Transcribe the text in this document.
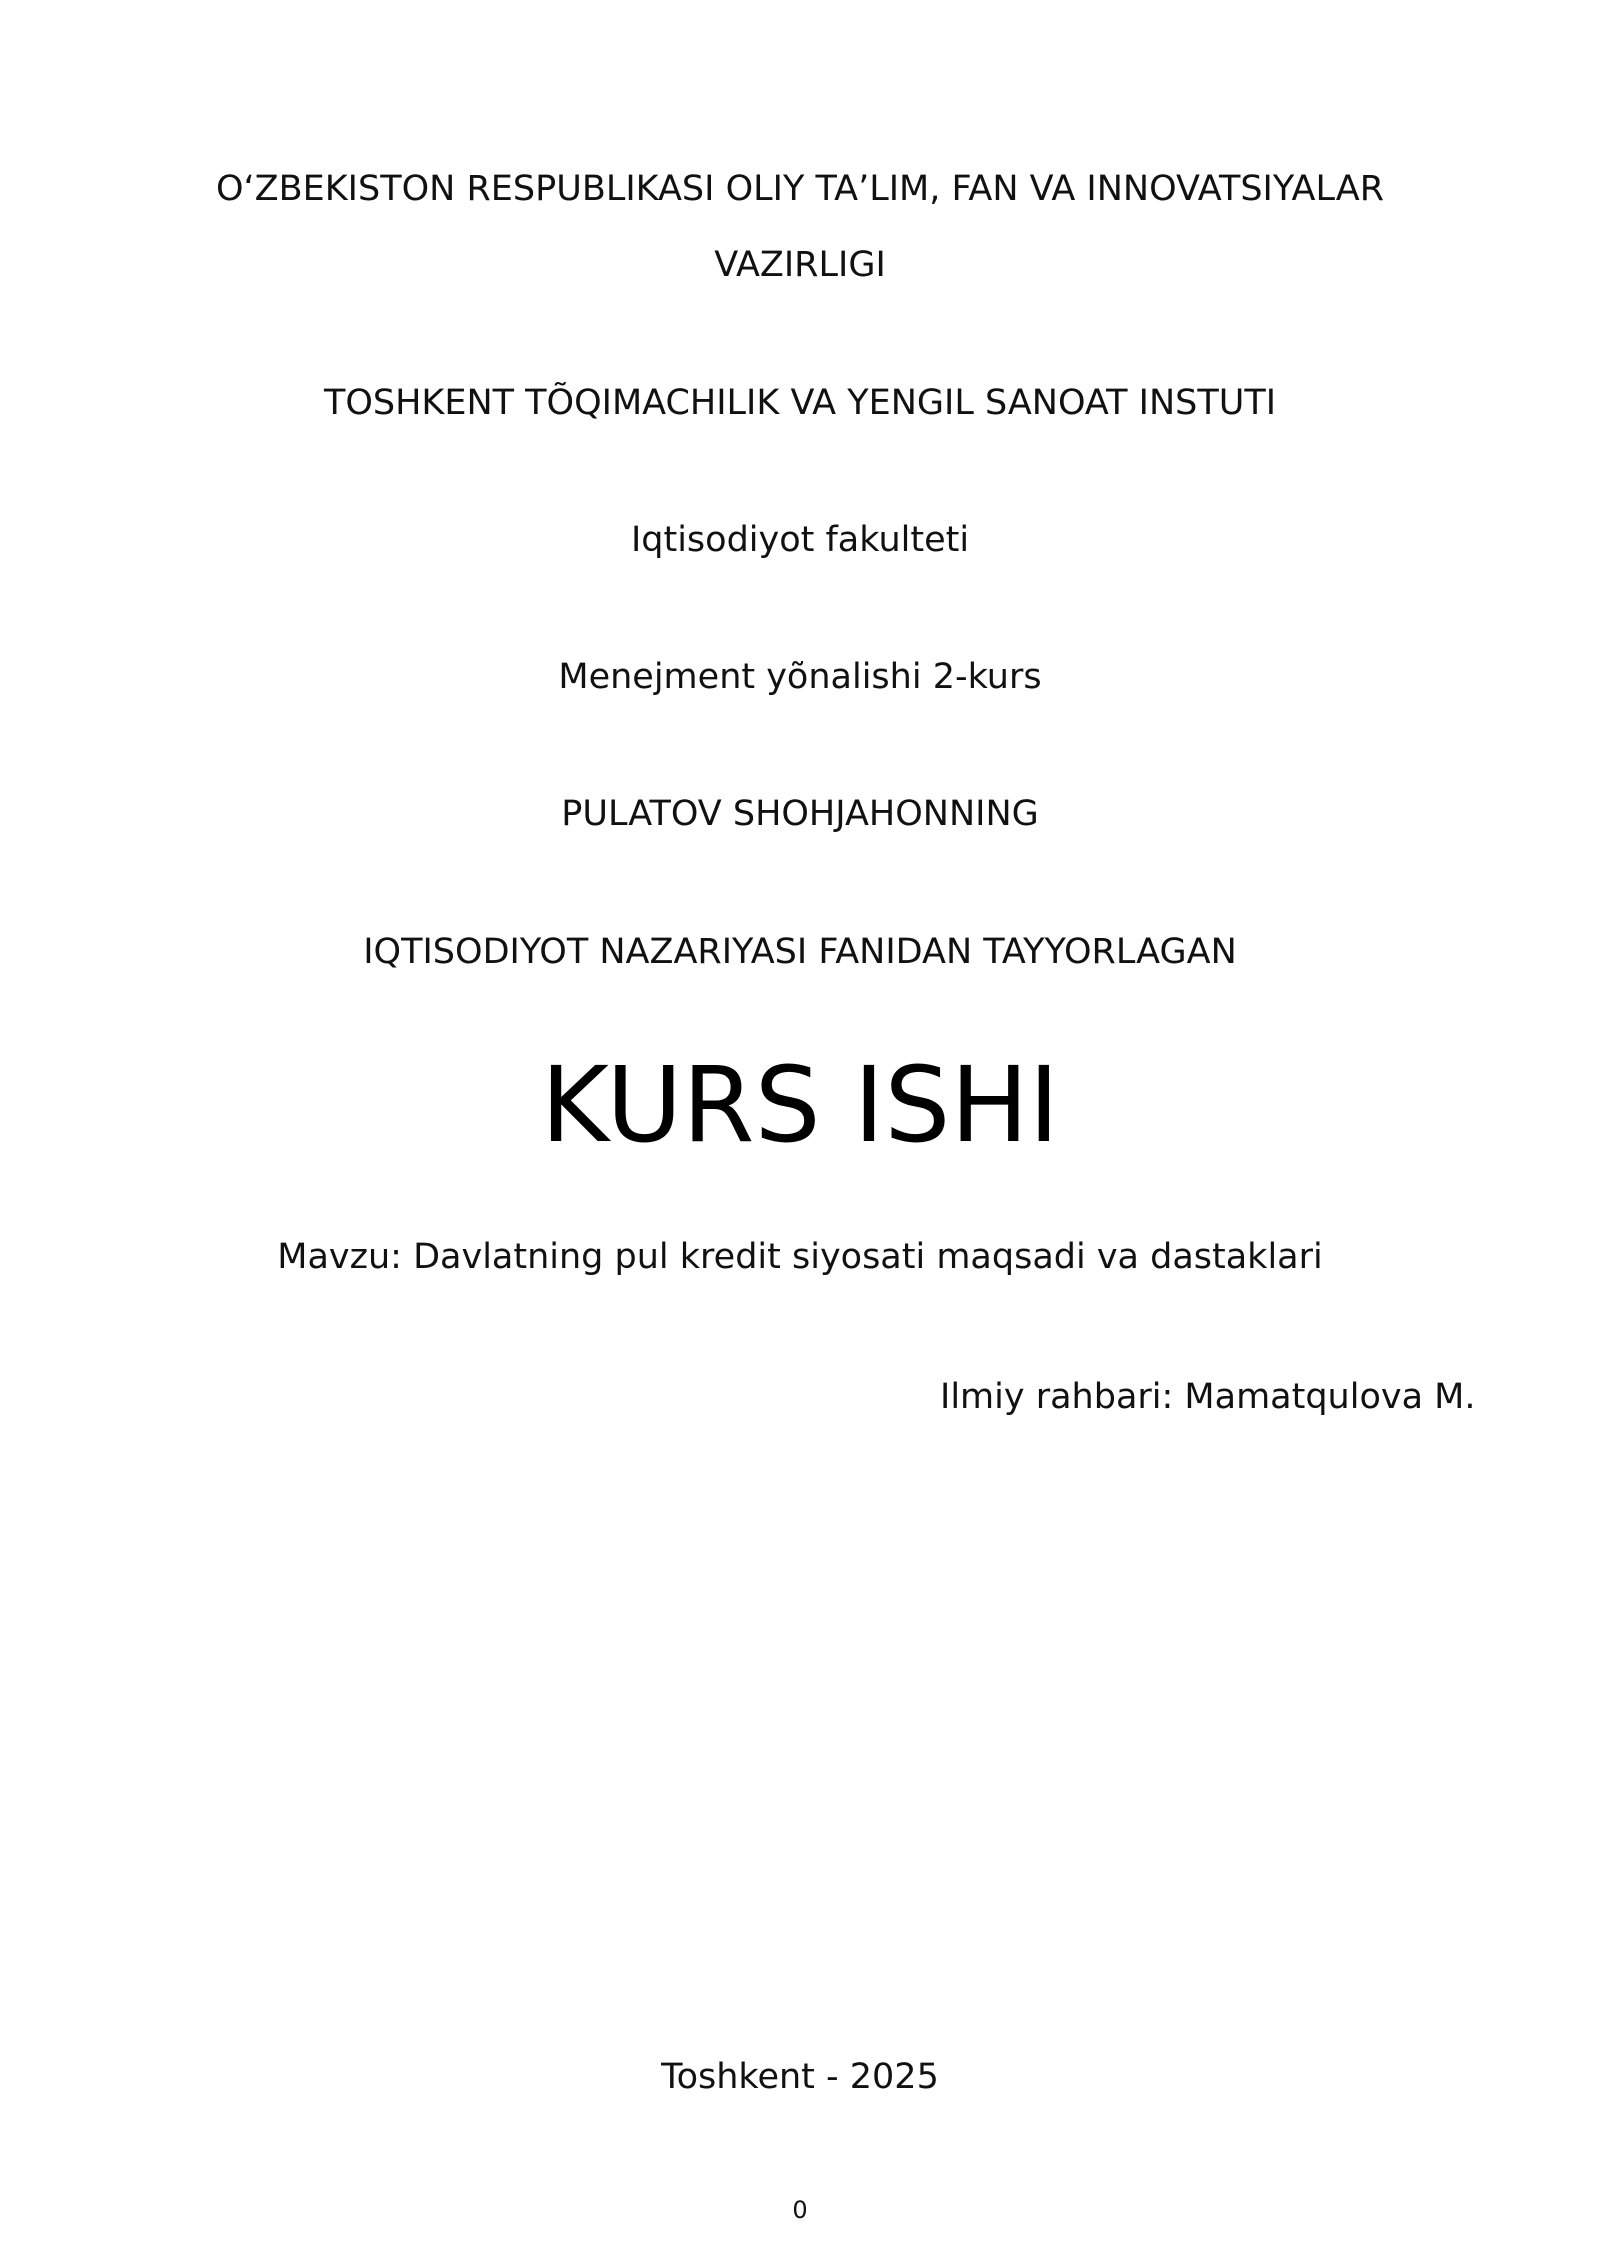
O‘ZBEKISTON RESPUBLIKASI OLIY TA’LIM, FAN VA INNOVATSIYALAR
VAZIRLIGI
TOSHKENT TÕQIMACHILIK VA YENGIL SANOAT INSTUTI
Iqtisodiyot fakulteti
Menejment yõnalishi 2-kurs
PULATOV SHOHJAHONNING
IQTISODIYOT NAZARIYASI FANIDAN TAYYORLAGAN
KURS ISHI
Mavzu: Davlatning pul kredit siyosati maqsadi va dastaklari
Ilmiy rahbari: Mamatqulova M.
Toshkent - 2025
0
